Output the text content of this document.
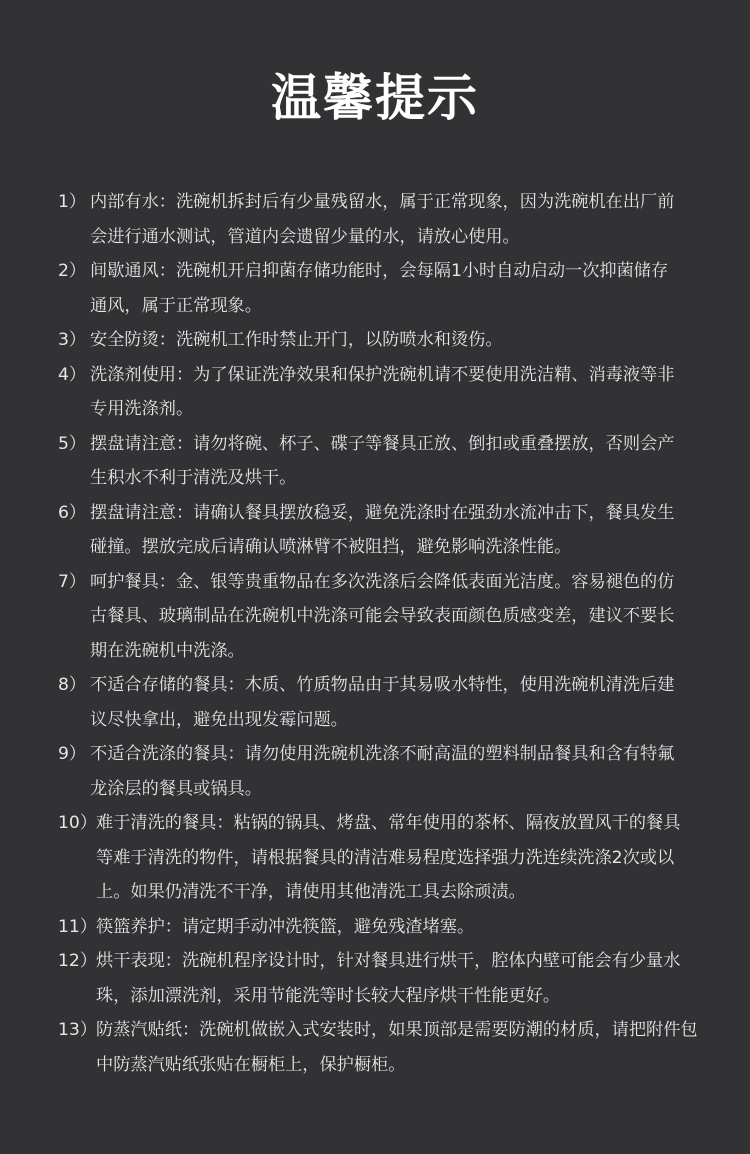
温馨提示
1） 内部有水：洗碗机拆封后有少量残留水，属于正常现象，因为洗碗机在出厂前
会进行通水测试，管道内会遗留少量的水，请放心使用。
2） 间歇通风：洗碗机开启抑菌存储功能时，会每隔1小时自动启动一次抑菌储存
通风，属于正常现象。
3） 安全防烫：洗碗机工作时禁止开门，以防喷水和烫伤。
4） 洗涤剂使用：为了保证洗净效果和保护洗碗机请不要使用洗洁精、消毒液等非
专用洗涤剂。
5） 摆盘请注意：请勿将碗、杯子、碟子等餐具正放、倒扣或重叠摆放，否则会产
生积水不利于清洗及烘干。
6） 摆盘请注意：请确认餐具摆放稳妥，避免洗涤时在强劲水流冲击下，餐具发生
碰撞。摆放完成后请确认喷淋臂不被阻挡，避免影响洗涤性能。
7） 呵护餐具：金、银等贵重物品在多次洗涤后会降低表面光洁度。容易褪色的仿
古餐具、玻璃制品在洗碗机中洗涤可能会导致表面颜色质感变差，建议不要长
期在洗碗机中洗涤。
8） 不适合存储的餐具：木质、竹质物品由于其易吸水特性，使用洗碗机清洗后建
议尽快拿出，避免出现发霉问题。
9） 不适合洗涤的餐具：请勿使用洗碗机洗涤不耐高温的塑料制品餐具和含有特氟
龙涂层的餐具或锅具。
10）
难于清洗的餐具：粘锅的锅具、烤盘、常年使用的茶杯、隔夜放置风干的餐具
等难于清洗的物件，请根据餐具的清洁难易程度选择强力洗连续洗涤2次或以
上。如果仍清洗不干净，请使用其他清洗工具去除顽渍。
11）
筷篮养护：请定期手动冲洗筷篮，避免残渣堵塞。
12）
烘干表现：洗碗机程序设计时，针对餐具进行烘干，腔体内壁可能会有少量水
珠，添加漂洗剂，采用节能洗等时长较大程序烘干性能更好。
13）
防蒸汽贴纸：洗碗机做嵌入式安装时，如果顶部是需要防潮的材质，请把附件包
中防蒸汽贴纸张贴在橱柜上，保护橱柜。
